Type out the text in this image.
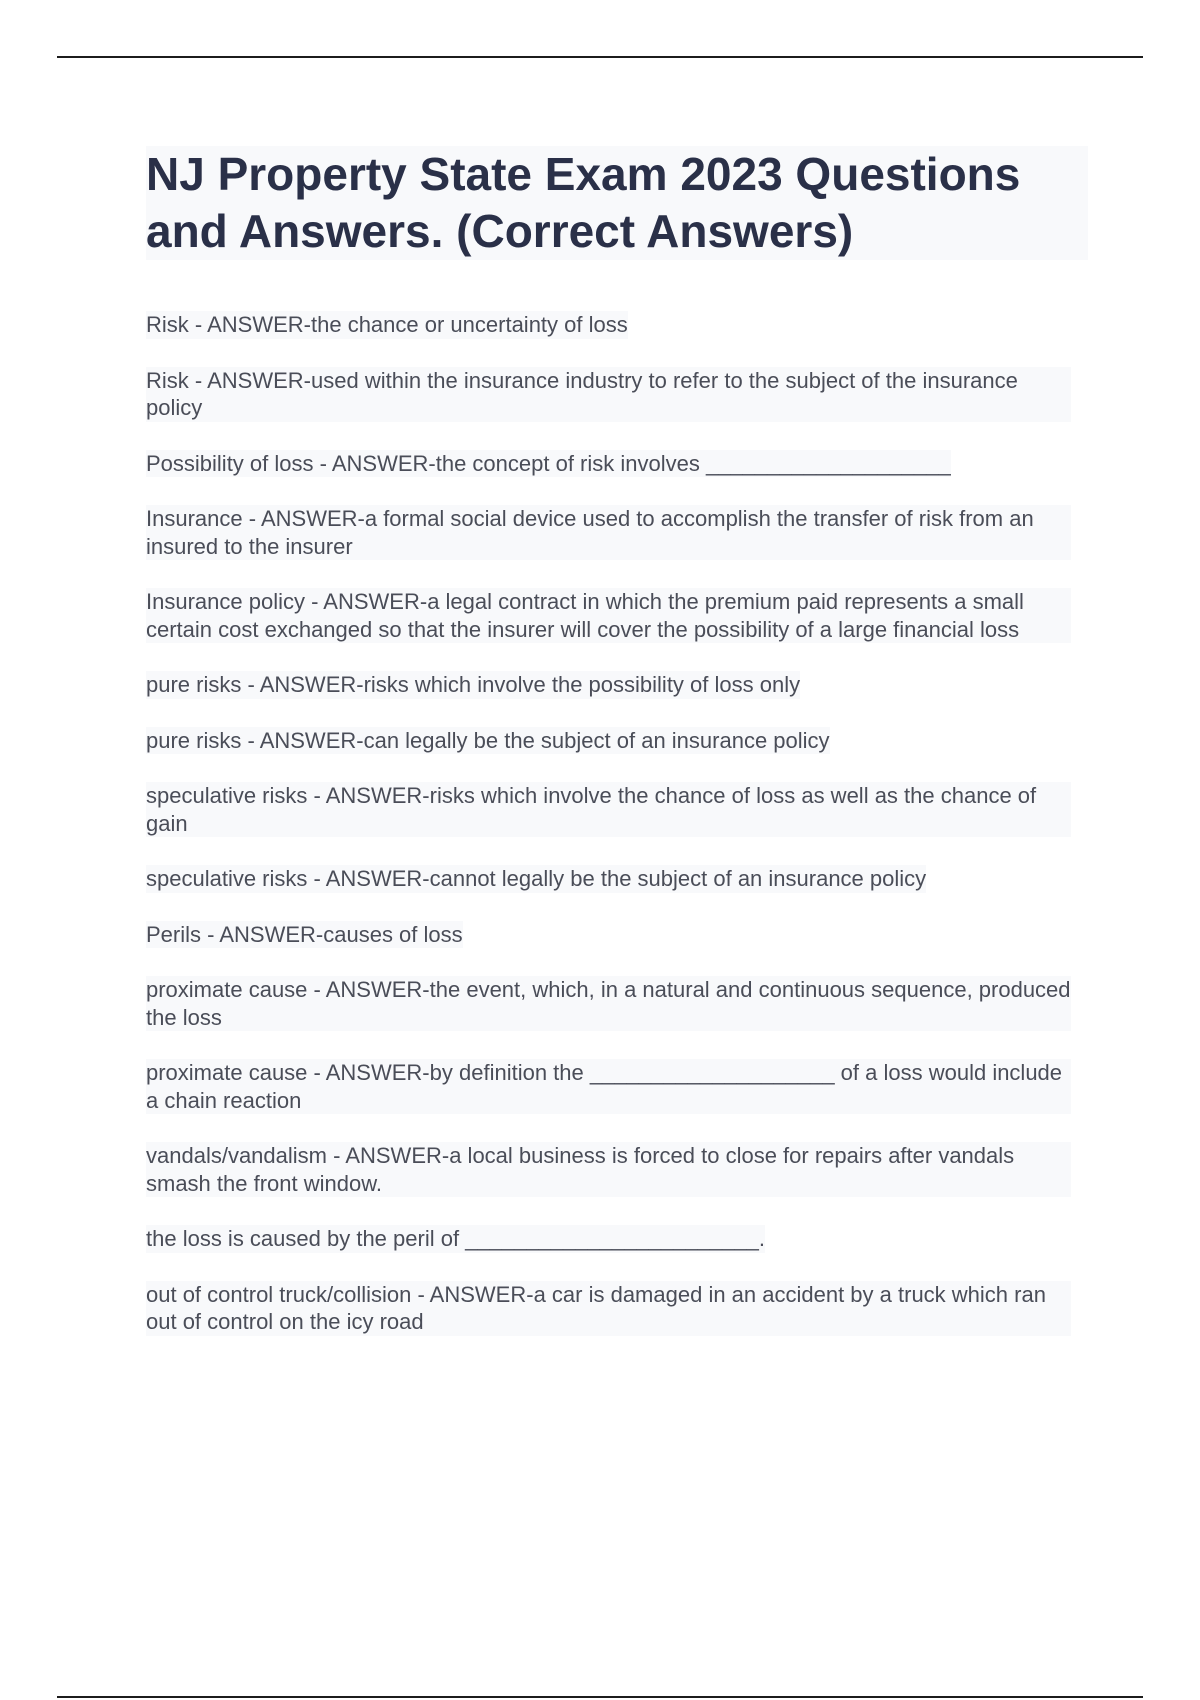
NJ Property State Exam 2023 Questions and Answers. (Correct Answers)

Risk - ANSWER-the chance or uncertainty of loss

Risk - ANSWER-used within the insurance industry to refer to the subject of the insurance policy

Possibility of loss - ANSWER-the concept of risk involves ____________________

Insurance - ANSWER-a formal social device used to accomplish the transfer of risk from an insured to the insurer

Insurance policy - ANSWER-a legal contract in which the premium paid represents a small certain cost exchanged so that the insurer will cover the possibility of a large financial loss

pure risks - ANSWER-risks which involve the possibility of loss only

pure risks - ANSWER-can legally be the subject of an insurance policy

speculative risks - ANSWER-risks which involve the chance of loss as well as the chance of gain

speculative risks - ANSWER-cannot legally be the subject of an insurance policy

Perils - ANSWER-causes of loss

proximate cause - ANSWER-the event, which, in a natural and continuous sequence, produced the loss

proximate cause - ANSWER-by definition the ____________________ of a loss would include a chain reaction

vandals/vandalism - ANSWER-a local business is forced to close for repairs after vandals smash the front window.

the loss is caused by the peril of ________________________.

out of control truck/collision - ANSWER-a car is damaged in an accident by a truck which ran out of control on the icy road
